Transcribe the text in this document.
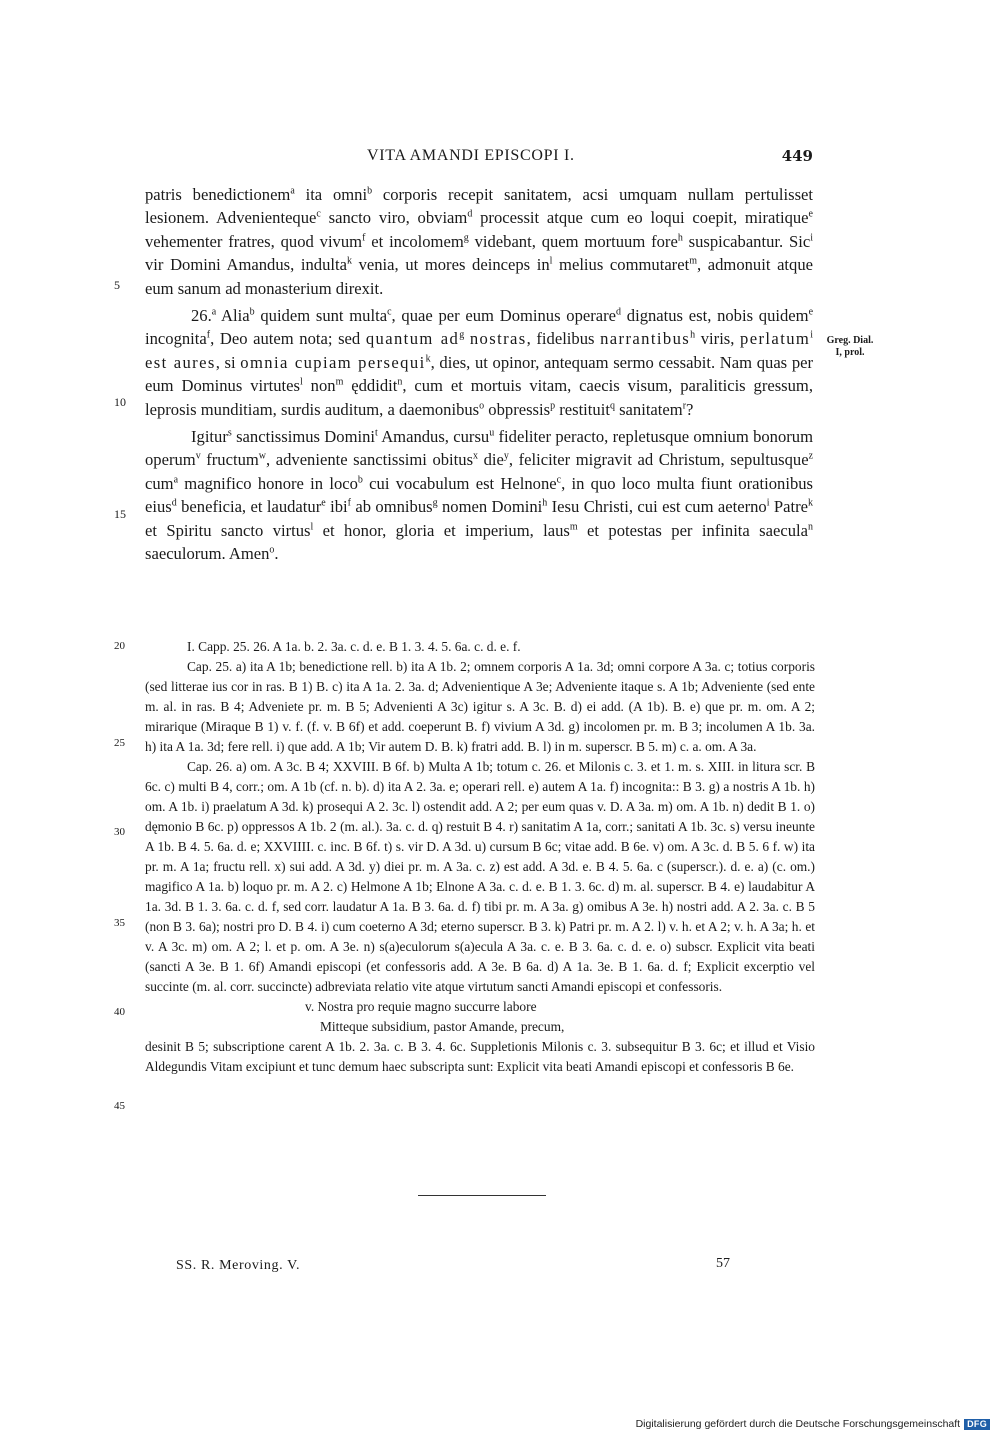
VITA AMANDI EPISCOPI I.	449

patris benedictionem$^a$ ita omni$^b$ corporis recepit sanitatem, acsi umquam nullam pertulisset lesionem. Advenienteque$^c$ sancto viro, obviam$^d$ processit atque cum eo loqui coepit, miratique$^e$ vehementer fratres, quod vivum$^f$ et incolomem$^g$ videbant, quem mortuum fore$^h$ suspicabantur. Sic$^i$ vir Domini Amandus, indulta$^k$ venia, ut mores deinceps $in^l$ melius commutaret$^m$, admonuit atque eum sanum ad monasterium direxit.

26.$^a$ Alia$^b$ quidem sunt multa$^c$, quae per eum Dominus operare$^d$ dignatus est, nobis quidem$^e$ incognita$^f$, Deo autem nota; sed quantum $ad^g$ nostras, fidelibus narrantibus$^h$ viris, perlatum$^i$ est aures, si omnia cupiam persequi$^k$, dies, ut opinor, antequam sermo cessabit. Nam quas per eum Dominus virtutes$^l$ non$^m$ ęddidit$^n$, cum et mortuis vitam, caecis visum, paraliticis gressum, leprosis munditiam, surdis auditum, a daemonibus$^o$ obpressis$^p$ restituit$^q$ sanitatem$^r$?

Igitur$^s$ sanctissimus Domini$^t$ Amandus, cursu$^u$ fideliter peracto, repletusque omnium bonorum operum$^v$ fructum$^w$, adveniente sanctissimi obitus$^x$ die$^y$, feliciter migravit ad Christum, sepultusque$^z$ cum$^a$ magnifico honore in loco$^b$ cui vocabulum est Helnone$^c$, in quo loco multa fiunt orationibus eius$^d$ beneficia, et laudatur$^e$ ibi$^f$ ab omnibus$^g$ nomen Domini$^h$ Iesu Christi, cui est cum aeterno$^i$ Patre$^k$ et Spiritu sancto virtus$^l$ et honor, gloria et imperium, laus$^m$ et potestas per infinita saecula$^n$ saeculorum. Amen$^o$.

5
10
15
Greg. Dial.
I, prol.

I. Capp. 25. 26. A 1a. b. 2. 3a. c. d. e. B 1. 3. 4. 5. 6a. c. d. e. f.

Cap. 25. a) ita A 1b; benedictione rell. b) ita A 1b. 2; omnem corporis A 1a. 3d; omni corpore A 3a. c; totius corporis (sed litterae ius cor in ras. B 1) B. c) ita A 1a. 2. 3a. d; Advenientique A 3e; Adveniente itaque s. A 1b; Adveniente (sed ente m. al. in ras. B 4; Adveniete pr. m. B 5; Advenienti A 3c) igitur s. A 3c. B. d) ei add. (A 1b). B. e) que pr. m. om. A 2; mirarique (Miraque B 1) v. f. (f. v. B 6f) et add. coeperunt B. f) vivium A 3d. g) incolomen pr. m. B 3; incolumen A 1b. 3a. h) ita A 1a. 3d; fere rell. i) que add. A 1b; Vir autem D. B. k) fratri add. B. l) in m. superscr. B 5. m) c. a. om. A 3a.

Cap. 26. a) om. A 3c. B 4; XXVIII. B 6f. b) Multa A 1b; totum c. 26. et Milonis c. 3. et 1. m. s. XIII. in litura scr. B 6c. c) multi B 4, corr.; om. A 1b (cf. n. b). d) ita A 2. 3a. e; operari rell. e) autem A 1a. f) incognita:: B 3. g) a nostris A 1b. h) om. A 1b. i) praelatum A 3d. k) prosequi A 2. 3c. l) ostendit add. A 2; per eum quas v. D. A 3a. m) om. A 1b. n) dedit B 1. o) dęmonio B 6c. p) oppressos A 1b. 2 (m. al.). 3a. c. d. q) restuit B 4. r) sanitatim A 1a, corr.; sanitati A 1b. 3c. s) versu ineunte A 1b. B 4. 5. 6a. d. e; XXVIIII. c. inc. B 6f. t) s. vir D. A 3d. u) cursum B 6c; vitae add. B 6e. v) om. A 3c. d. B 5. 6 f. w) ita pr. m. A 1a; fructu rell. x) sui add. A 3d. y) diei pr. m. A 3a. c. z) est add. A 3d. e. B 4. 5. 6a. c (superscr.). d. e. a) (c. om.) magifico A 1a. b) loquo pr. m. A 2. c) Helmone A 1b; Elnone A 3a. c. d. e. B 1. 3. 6c. d) m. al. superscr. B 4. e) laudabitur A 1a. 3d. B 1. 3. 6a. c. d. f, sed corr. laudatur A 1a. B 3. 6a. d. f) tibi pr. m. A 3a. g) omibus A 3e. h) nostri add. A 2. 3a. c. B 5 (non B 3. 6a); nostri pro D. B 4. i) cum coeterno A 3d; eterno superscr. B 3. k) Patri pr. m. A 2. l) v. h. et A 2; v. h. A 3a; h. et v. A 3c. m) om. A 2; l. et p. om. A 3e. n) s(a)eculorum s(a)ecula A 3a. c. e. B 3. 6a. c. d. e. o) subscr. Explicit vita beati (sancti A 3e. B 1. 6f) Amandi episcopi (et confessoris add. A 3e. B 6a. d) A 1a. 3e. B 1. 6a. d. f; Explicit excerptio vel succinte (m. al. corr. succincte) adbreviata relatio vite atque virtutum sancti Amandi episcopi et confessoris.

v. Nostra pro requie magno succurre labore

Mitteque subsidium, pastor Amande, precum,

desinit B 5; subscriptione carent A 1b. 2. 3a. c. B 3. 4. 6c. Suppletionis Milonis c. 3. subsequitur B 3. 6c; et illud et Visio Aldegundis Vitam excipiunt et tunc demum haec subscripta sunt: Explicit vita beati Amandi episcopi et confessoris B 6e.

20
25
30
35
40
45
SS. R. Meroving. V.	57
Digitalisierung gefördert durch die Deutsche Forschungsgemeinschaft DFG
